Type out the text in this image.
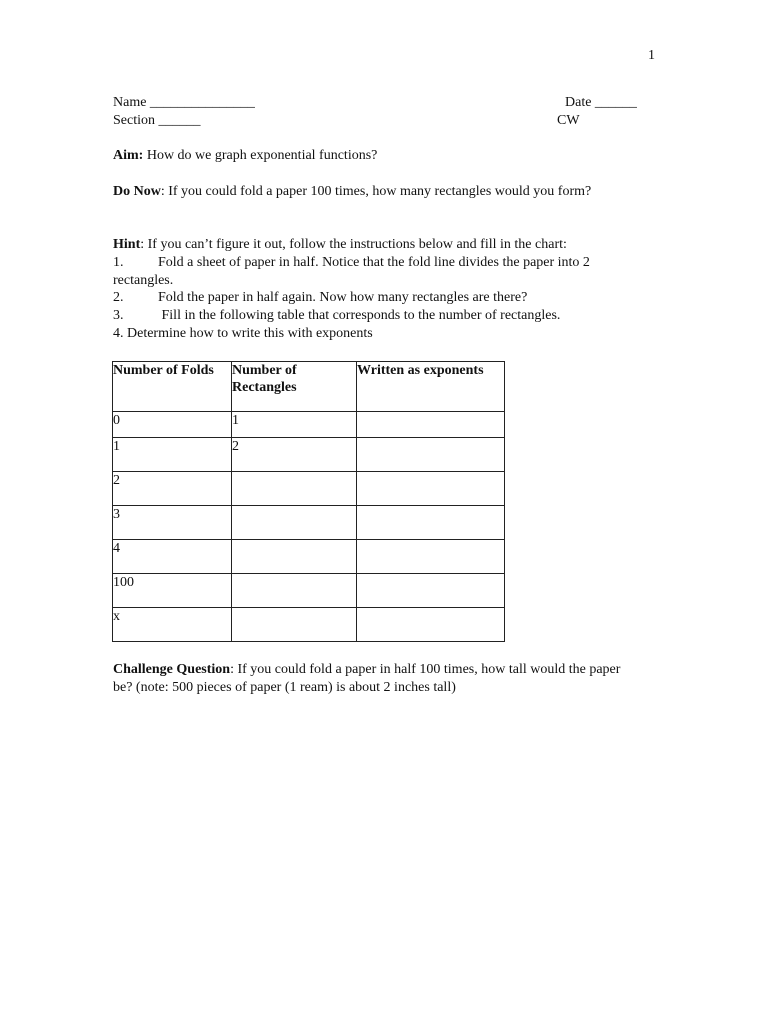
1
Name _______________
Section ______
Date ______
CW
Aim: How do we graph exponential functions?
Do Now: If you could fold a paper 100 times, how many rectangles would you form?
Hint: If you can’t figure it out, follow the instructions below and fill in the chart:
1. Fold a sheet of paper in half. Notice that the fold line divides the paper into 2
rectangles.
2. Fold the paper in half again. Now how many rectangles are there?
3. Fill in the following table that corresponds to the number of rectangles.
4. Determine how to write this with exponents
Number of Folds	Number of Rectangles	Written as exponents
0	1	
1	2	
2		
3		
4		
100		
x		
Challenge Question: If you could fold a paper in half 100 times, how tall would the paper
be? (note: 500 pieces of paper (1 ream) is about 2 inches tall)
